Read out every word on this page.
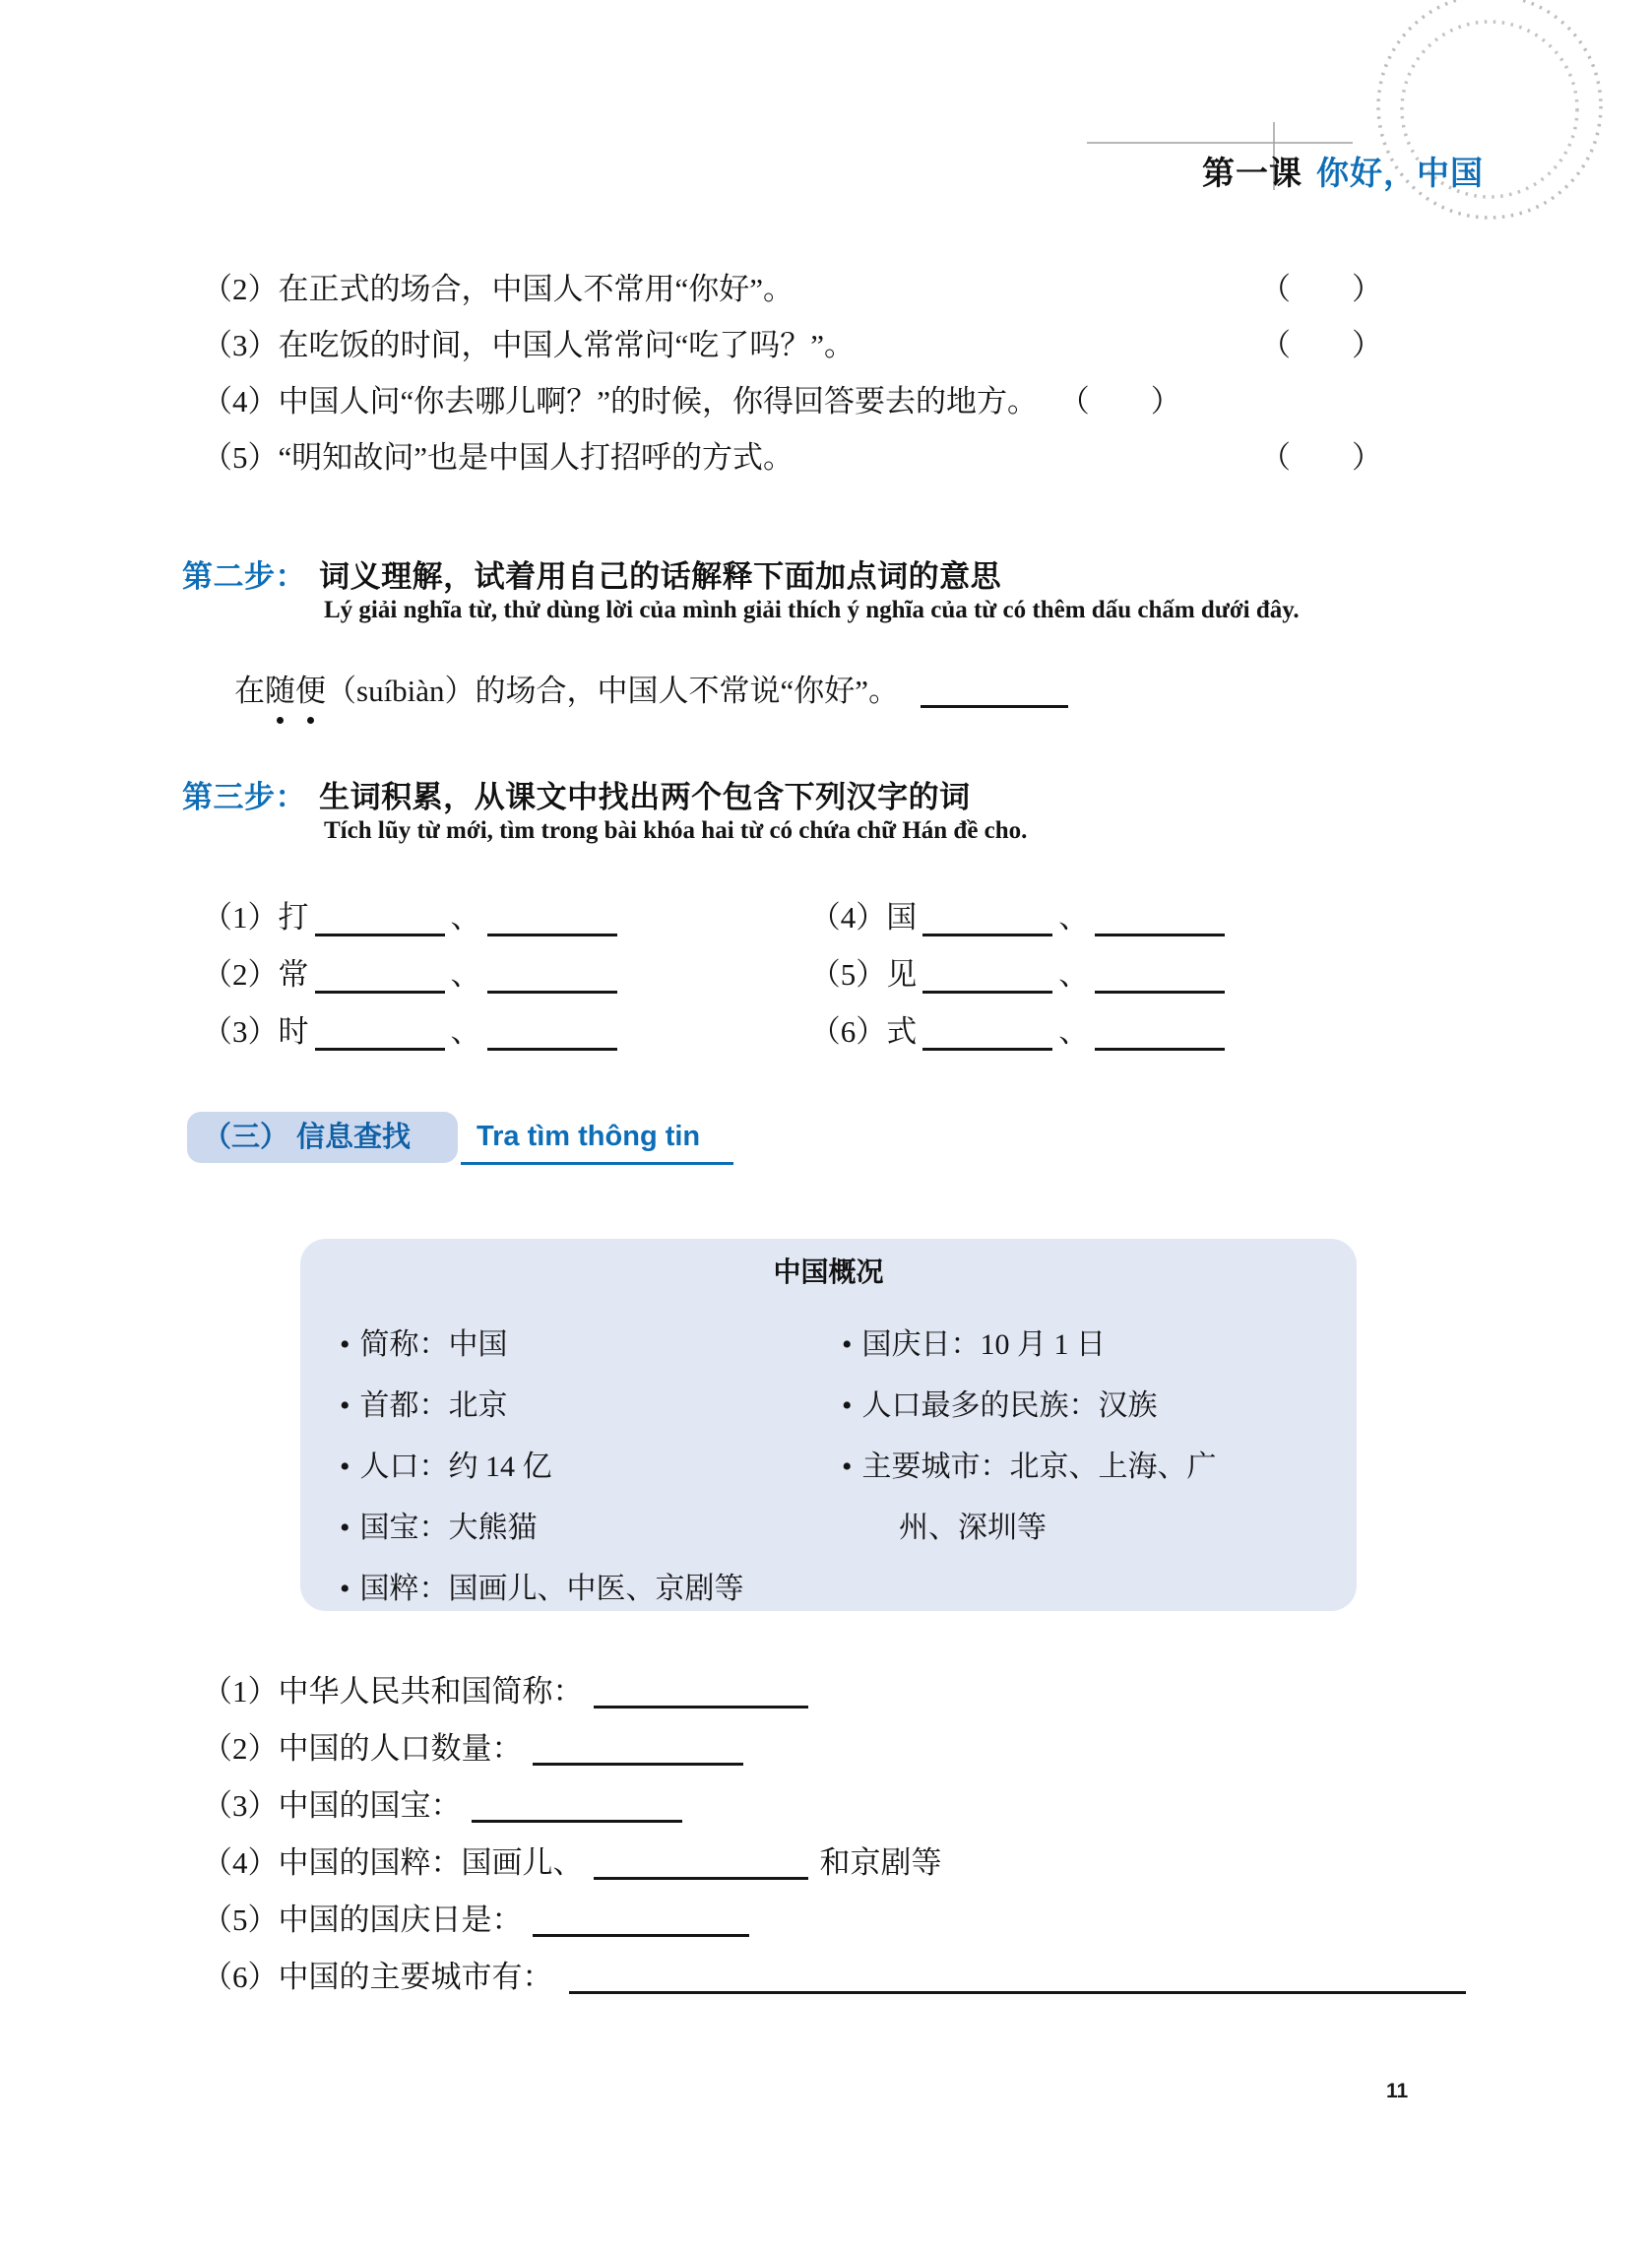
第一课 你好，中国
（2）在正式的场合，中国人不常用“你好”。	（　　）
（3）在吃饭的时间，中国人常常问“吃了吗？”。	（　　）
（4）中国人问“你去哪儿啊？”的时候，你得回答要去的地方。 （　　）
（5）“明知故问”也是中国人打招呼的方式。	（　　）
第二步： 词义理解，试着用自己的话解释下面加点词的意思
Lý giải nghĩa từ, thử dùng lời của mình giải thích ý nghĩa của từ có thêm dấu chấm dưới đây.
在随便（suíbiàn）的场合，中国人不常说“你好”。
第三步： 生词积累，从课文中找出两个包含下列汉字的词
Tích lũy từ mới, tìm trong bài khóa hai từ có chứa chữ Hán đề cho.
（1）打	、	（4）国	、
（2）常	、	（5）见	、
（3）时	、	（6）式	、
（三） 信息查找	Tra tìm thông tin
中国概况
• 简称：中国
• 首都：北京
• 人口：约 14 亿
• 国宝：大熊猫
• 国粹：国画儿、中医、京剧等
• 国庆日：10 月 1 日
• 人口最多的民族：汉族
• 主要城市：北京、上海、广
州、深圳等
（1）中华人民共和国简称：
（2）中国的人口数量：
（3）中国的国宝：
（4）中国的国粹：国画儿、	和京剧等
（5）中国的国庆日是：
（6）中国的主要城市有：
11
